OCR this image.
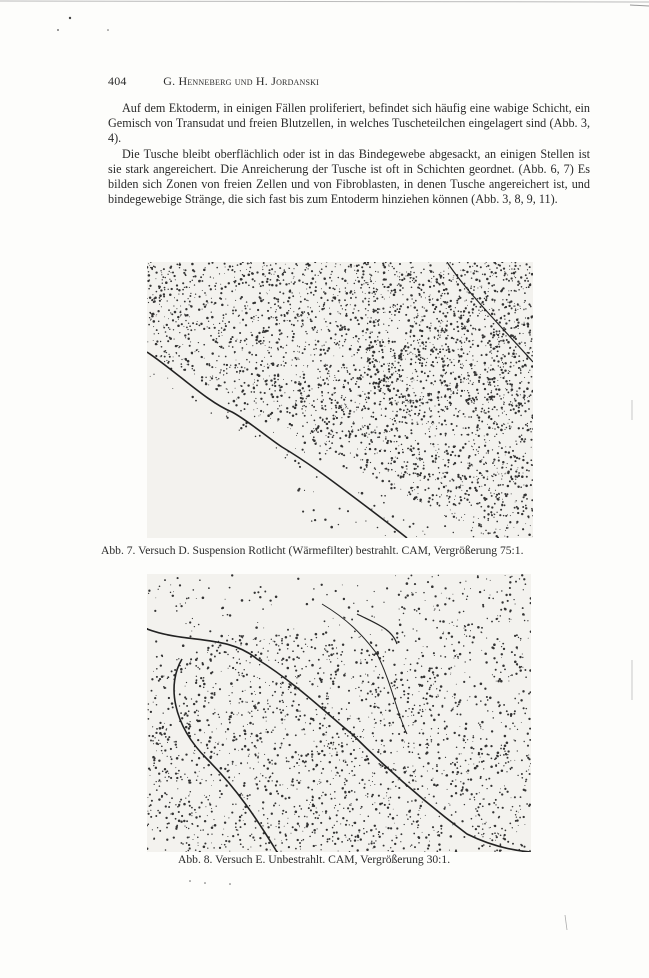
404	G. Henneberg und H. Jordanski

Auf dem Ektoderm, in einigen Fällen proliferiert, befindet sich häufig eine wabige Schicht, ein Gemisch von Transudat und freien Blutzellen, in welches Tuscheteilchen eingelagert sind (Abb. 3, 4).

Die Tusche bleibt oberflächlich oder ist in das Bindegewebe abgesackt, an einigen Stellen ist sie stark angereichert. Die Anreicherung der Tusche ist oft in Schichten geordnet. (Abb. 6, 7) Es bilden sich Zonen von freien Zellen und von Fibroblasten, in denen Tusche angereichert ist, und bindegewebige Stränge, die sich fast bis zum Entoderm hinziehen können (Abb. 3, 8, 9, 11).

Abb. 7. Versuch D. Suspension Rotlicht (Wärmefilter) bestrahlt. CAM, Vergrößerung 75:1.
Abb. 8. Versuch E. Unbestrahlt. CAM, Vergrößerung 30:1.
